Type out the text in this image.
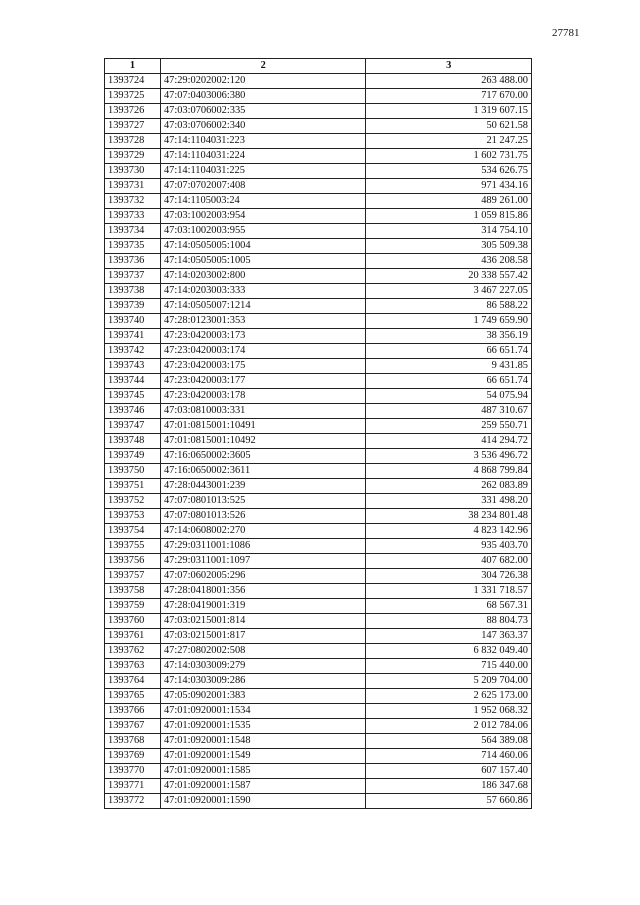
27781
1	2	3
1393724	47:29:0202002:120	263 488.00
1393725	47:07:0403006:380	717 670.00
1393726	47:03:0706002:335	1 319 607.15
1393727	47:03:0706002:340	50 621.58
1393728	47:14:1104031:223	21 247.25
1393729	47:14:1104031:224	1 602 731.75
1393730	47:14:1104031:225	534 626.75
1393731	47:07:0702007:408	971 434.16
1393732	47:14:1105003:24	489 261.00
1393733	47:03:1002003:954	1 059 815.86
1393734	47:03:1002003:955	314 754.10
1393735	47:14:0505005:1004	305 509.38
1393736	47:14:0505005:1005	436 208.58
1393737	47:14:0203002:800	20 338 557.42
1393738	47:14:0203003:333	3 467 227.05
1393739	47:14:0505007:1214	86 588.22
1393740	47:28:0123001:353	1 749 659.90
1393741	47:23:0420003:173	38 356.19
1393742	47:23:0420003:174	66 651.74
1393743	47:23:0420003:175	9 431.85
1393744	47:23:0420003:177	66 651.74
1393745	47:23:0420003:178	54 075.94
1393746	47:03:0810003:331	487 310.67
1393747	47:01:0815001:10491	259 550.71
1393748	47:01:0815001:10492	414 294.72
1393749	47:16:0650002:3605	3 536 496.72
1393750	47:16:0650002:3611	4 868 799.84
1393751	47:28:0443001:239	262 083.89
1393752	47:07:0801013:525	331 498.20
1393753	47:07:0801013:526	38 234 801.48
1393754	47:14:0608002:270	4 823 142.96
1393755	47:29:0311001:1086	935 403.70
1393756	47:29:0311001:1097	407 682.00
1393757	47:07:0602005:296	304 726.38
1393758	47:28:0418001:356	1 331 718.57
1393759	47:28:0419001:319	68 567.31
1393760	47:03:0215001:814	88 804.73
1393761	47:03:0215001:817	147 363.37
1393762	47:27:0802002:508	6 832 049.40
1393763	47:14:0303009:279	715 440.00
1393764	47:14:0303009:286	5 209 704.00
1393765	47:05:0902001:383	2 625 173.00
1393766	47:01:0920001:1534	1 952 068.32
1393767	47:01:0920001:1535	2 012 784.06
1393768	47:01:0920001:1548	564 389.08
1393769	47:01:0920001:1549	714 460.06
1393770	47:01:0920001:1585	607 157.40
1393771	47:01:0920001:1587	186 347.68
1393772	47:01:0920001:1590	57 660.86
